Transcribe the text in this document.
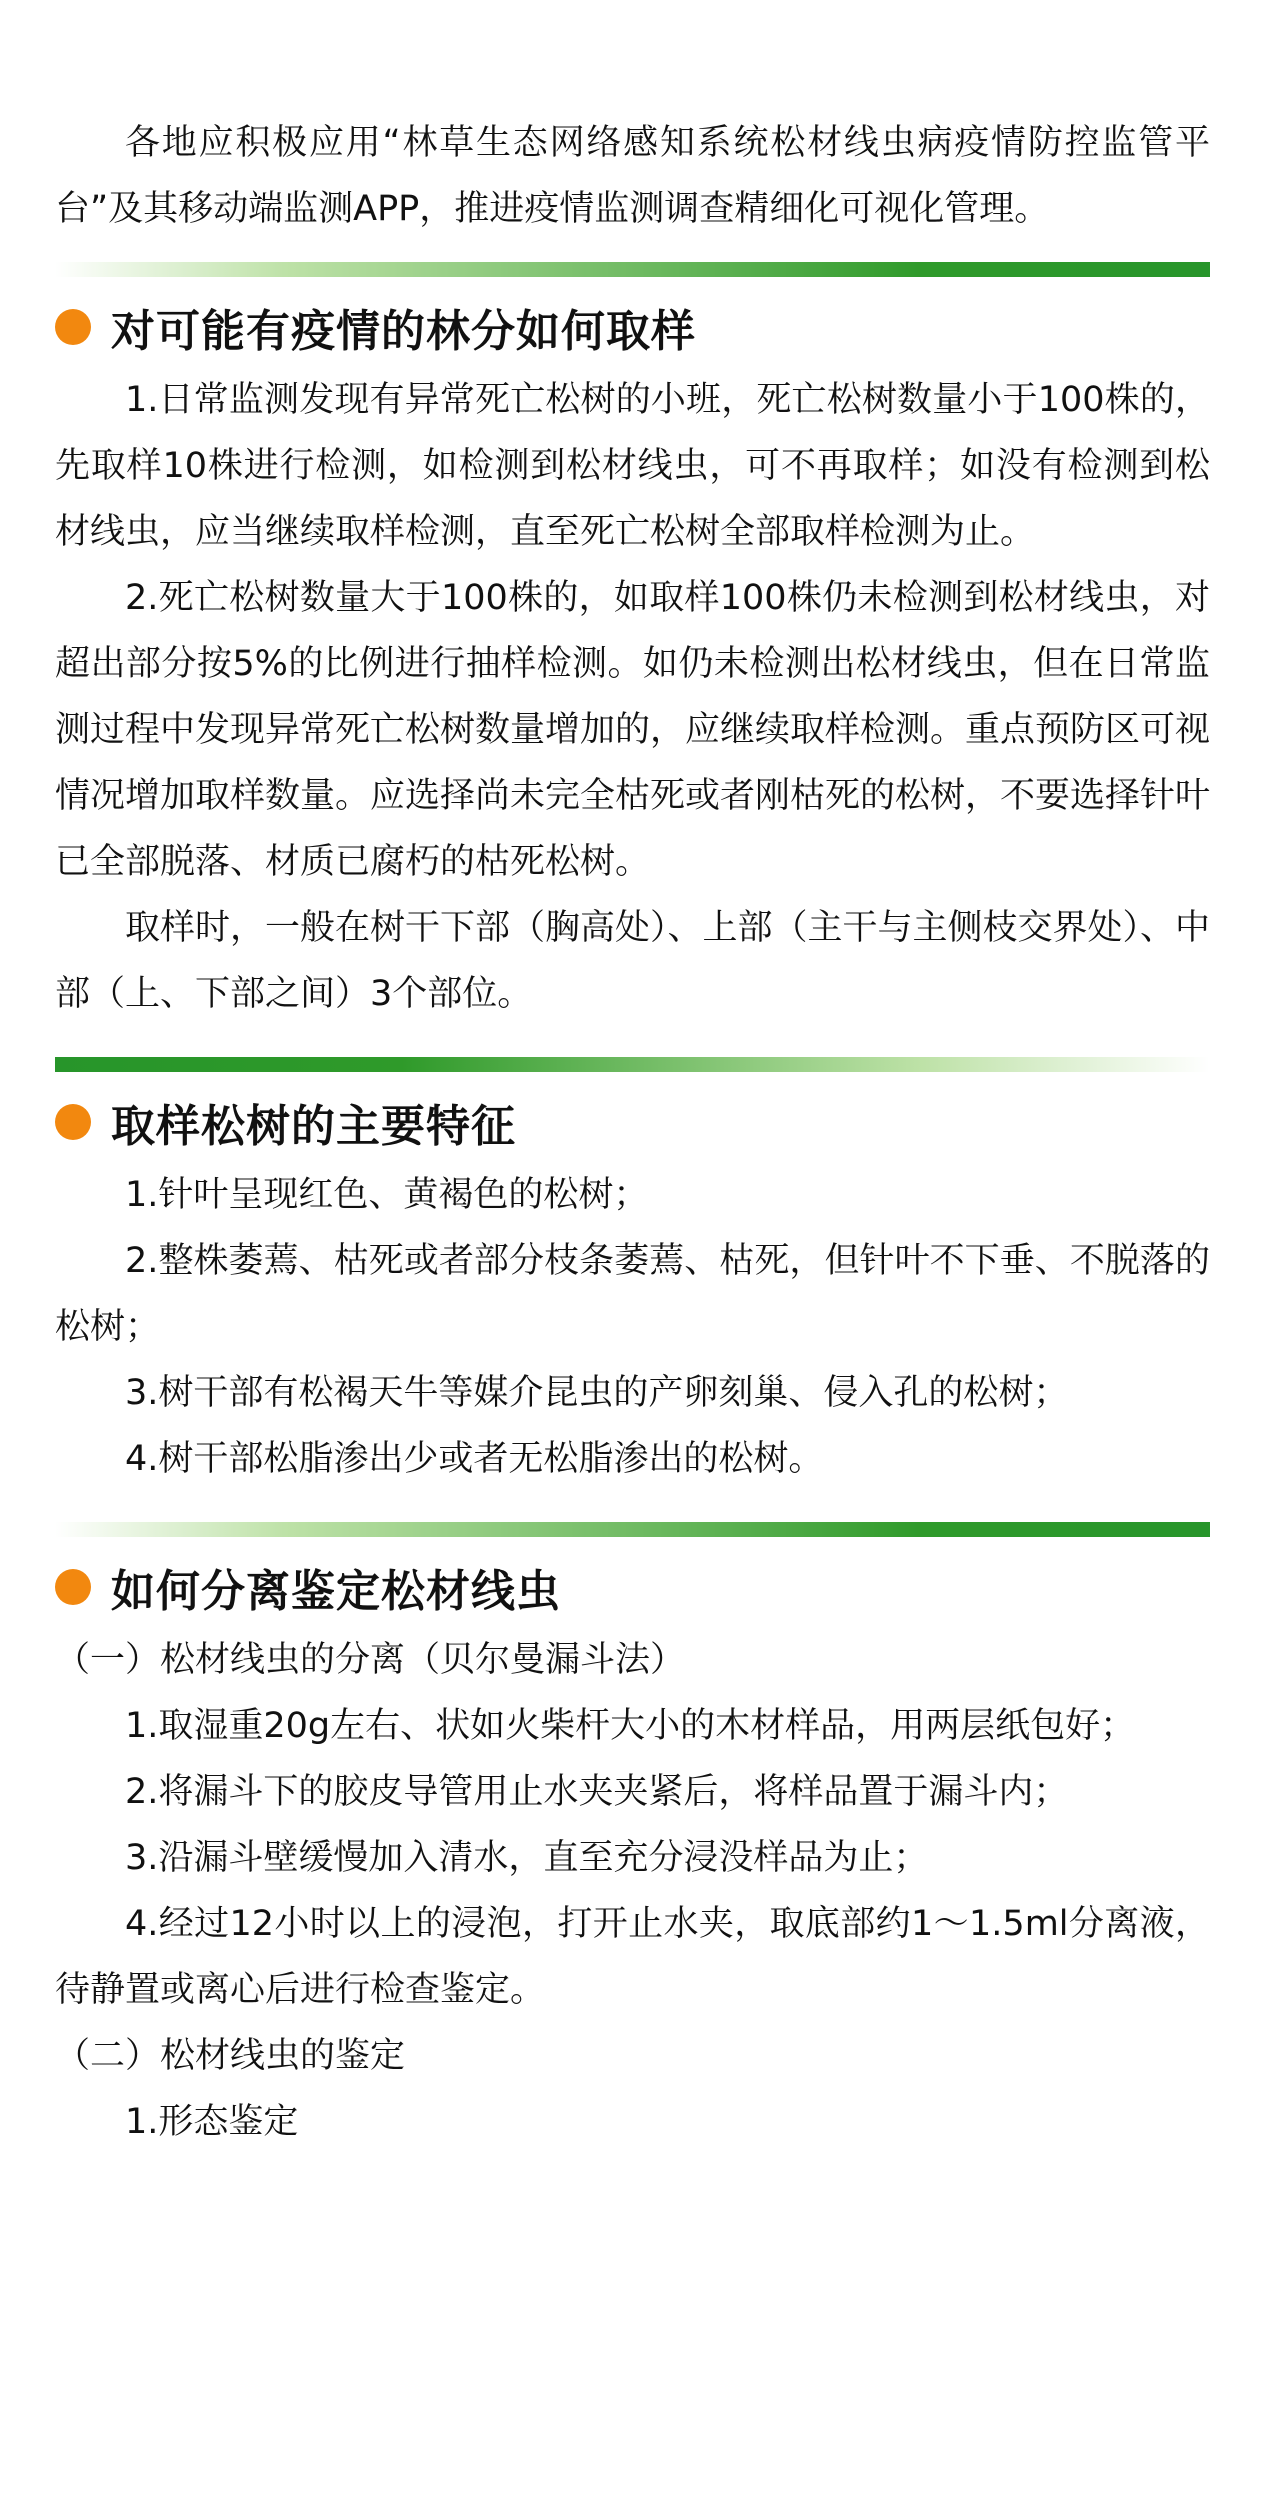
各地应积极应用“林草生态网络感知系统松材线虫病疫情防控监管平台”及其移动端监测APP，推进疫情监测调查精细化可视化管理。

对可能有疫情的林分如何取样

1.日常监测发现有异常死亡松树的小班，死亡松树数量小于100株的，先取样10株进行检测，如检测到松材线虫，可不再取样；如没有检测到松材线虫，应当继续取样检测，直至死亡松树全部取样检测为止。

2.死亡松树数量大于100株的，如取样100株仍未检测到松材线虫，对超出部分按5%的比例进行抽样检测。如仍未检测出松材线虫，但在日常监测过程中发现异常死亡松树数量增加的，应继续取样检测。重点预防区可视情况增加取样数量。应选择尚未完全枯死或者刚枯死的松树，不要选择针叶已全部脱落、材质已腐朽的枯死松树。

取样时，一般在树干下部（胸高处）、上部（主干与主侧枝交界处）、中部（上、下部之间）3个部位。

取样松树的主要特征

1.针叶呈现红色、黄褐色的松树；

2.整株萎蔫、枯死或者部分枝条萎蔫、枯死，但针叶不下垂、不脱落的松树；

3.树干部有松褐天牛等媒介昆虫的产卵刻巢、侵入孔的松树；

4.树干部松脂渗出少或者无松脂渗出的松树。

如何分离鉴定松材线虫

（一）松材线虫的分离（贝尔曼漏斗法）

1.取湿重20g左右、状如火柴杆大小的木材样品，用两层纸包好；

2.将漏斗下的胶皮导管用止水夹夹紧后，将样品置于漏斗内；

3.沿漏斗壁缓慢加入清水，直至充分浸没样品为止；

4.经过12小时以上的浸泡，打开止水夹，取底部约1～1.5ml分离液，待静置或离心后进行检查鉴定。

（二）松材线虫的鉴定

1.形态鉴定
